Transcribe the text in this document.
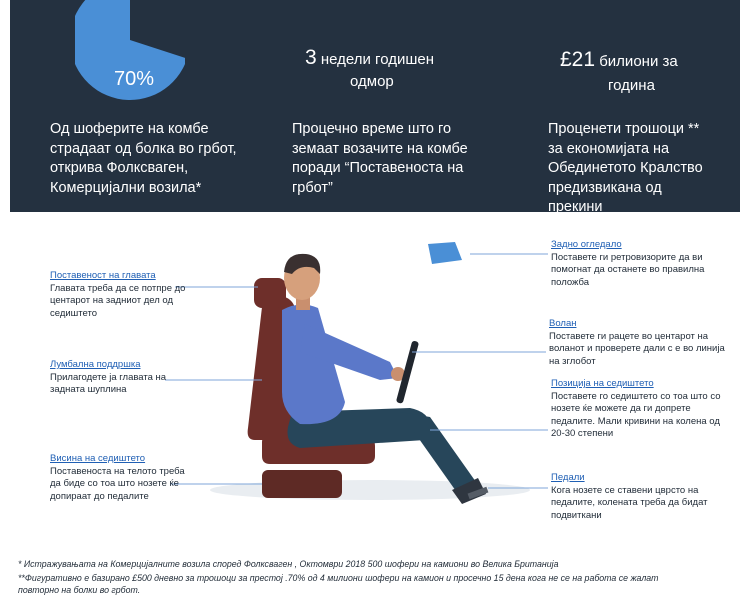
70%
Од шоферите на комбе
страдаат од болка во грбот,
открива Фолксваген,
Комерцијални возила*
3 недели годишен
одмор
Процечно време што го
земаат возачите на комбе
поради “Поставеноста на
грбот”
£21 билиони за
година
Проценети трошоци **
за економијата на
Обединетото Кралство
предизвикана од
прекини
Поставеност на главата
Главата треба да се потпре до
центарот на задниот дел од
седиштето
Лумбална поддршка
Прилагодете ја главата на
задната шуплина
Висина на седиштето
Поставеноста на телото треба
да биде со тоа што нозете ќе
допираат до педалите
Задно огледало
Поставете ги ретровизорите да ви
помогнат да останете во правилна
положба
Волан
Поставете ги рацете во центарот на
воланот и проверете дали с е во линија
на зглобот
Позиција на седиштето
Поставете го седиштето со тоа што со
нозете ќе можете да ги допрете
педалите. Мали кривини на колена од
20-30 степени
Педали
Кога нозете се ставени цврсто на
педалите, колената треба да бидат
подвиткани
* Истражувањата на Комерцијалните возила според Фолксваген , Октомври 2018 500 шофери на камиони во Велика Британија
**Фигуративно е базирано £500 дневно за трошоци за престој .70% од 4 милиони шофери на камион и просечно 15 дена кога не се на работа се жалат
повторно на болки во грбот.
